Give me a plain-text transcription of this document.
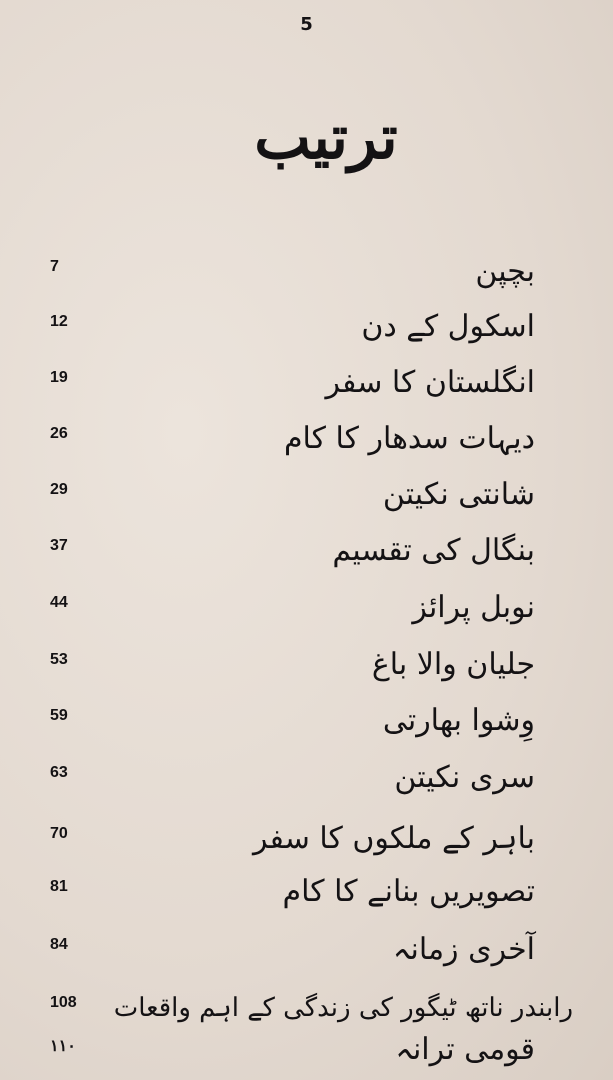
5
ترتیب
7	بچپن
12	اسکول کے دن
19	انگلستان کا سفر
26	دیہات سدھار کا کام
29	شانتی نکیتن
37	بنگال کی تقسیم
44	نوبل پرائز
53	جلیان والا باغ
59	وِشوا بھارتی
63	سری نکیتن
70	باہر کے ملکوں کا سفر
81	تصویریں بنانے کا کام
84	آخری زمانہ
108	رابندر ناتھ ٹیگور کی زندگی کے اہم واقعات
۱۱۰	قومی ترانہ
